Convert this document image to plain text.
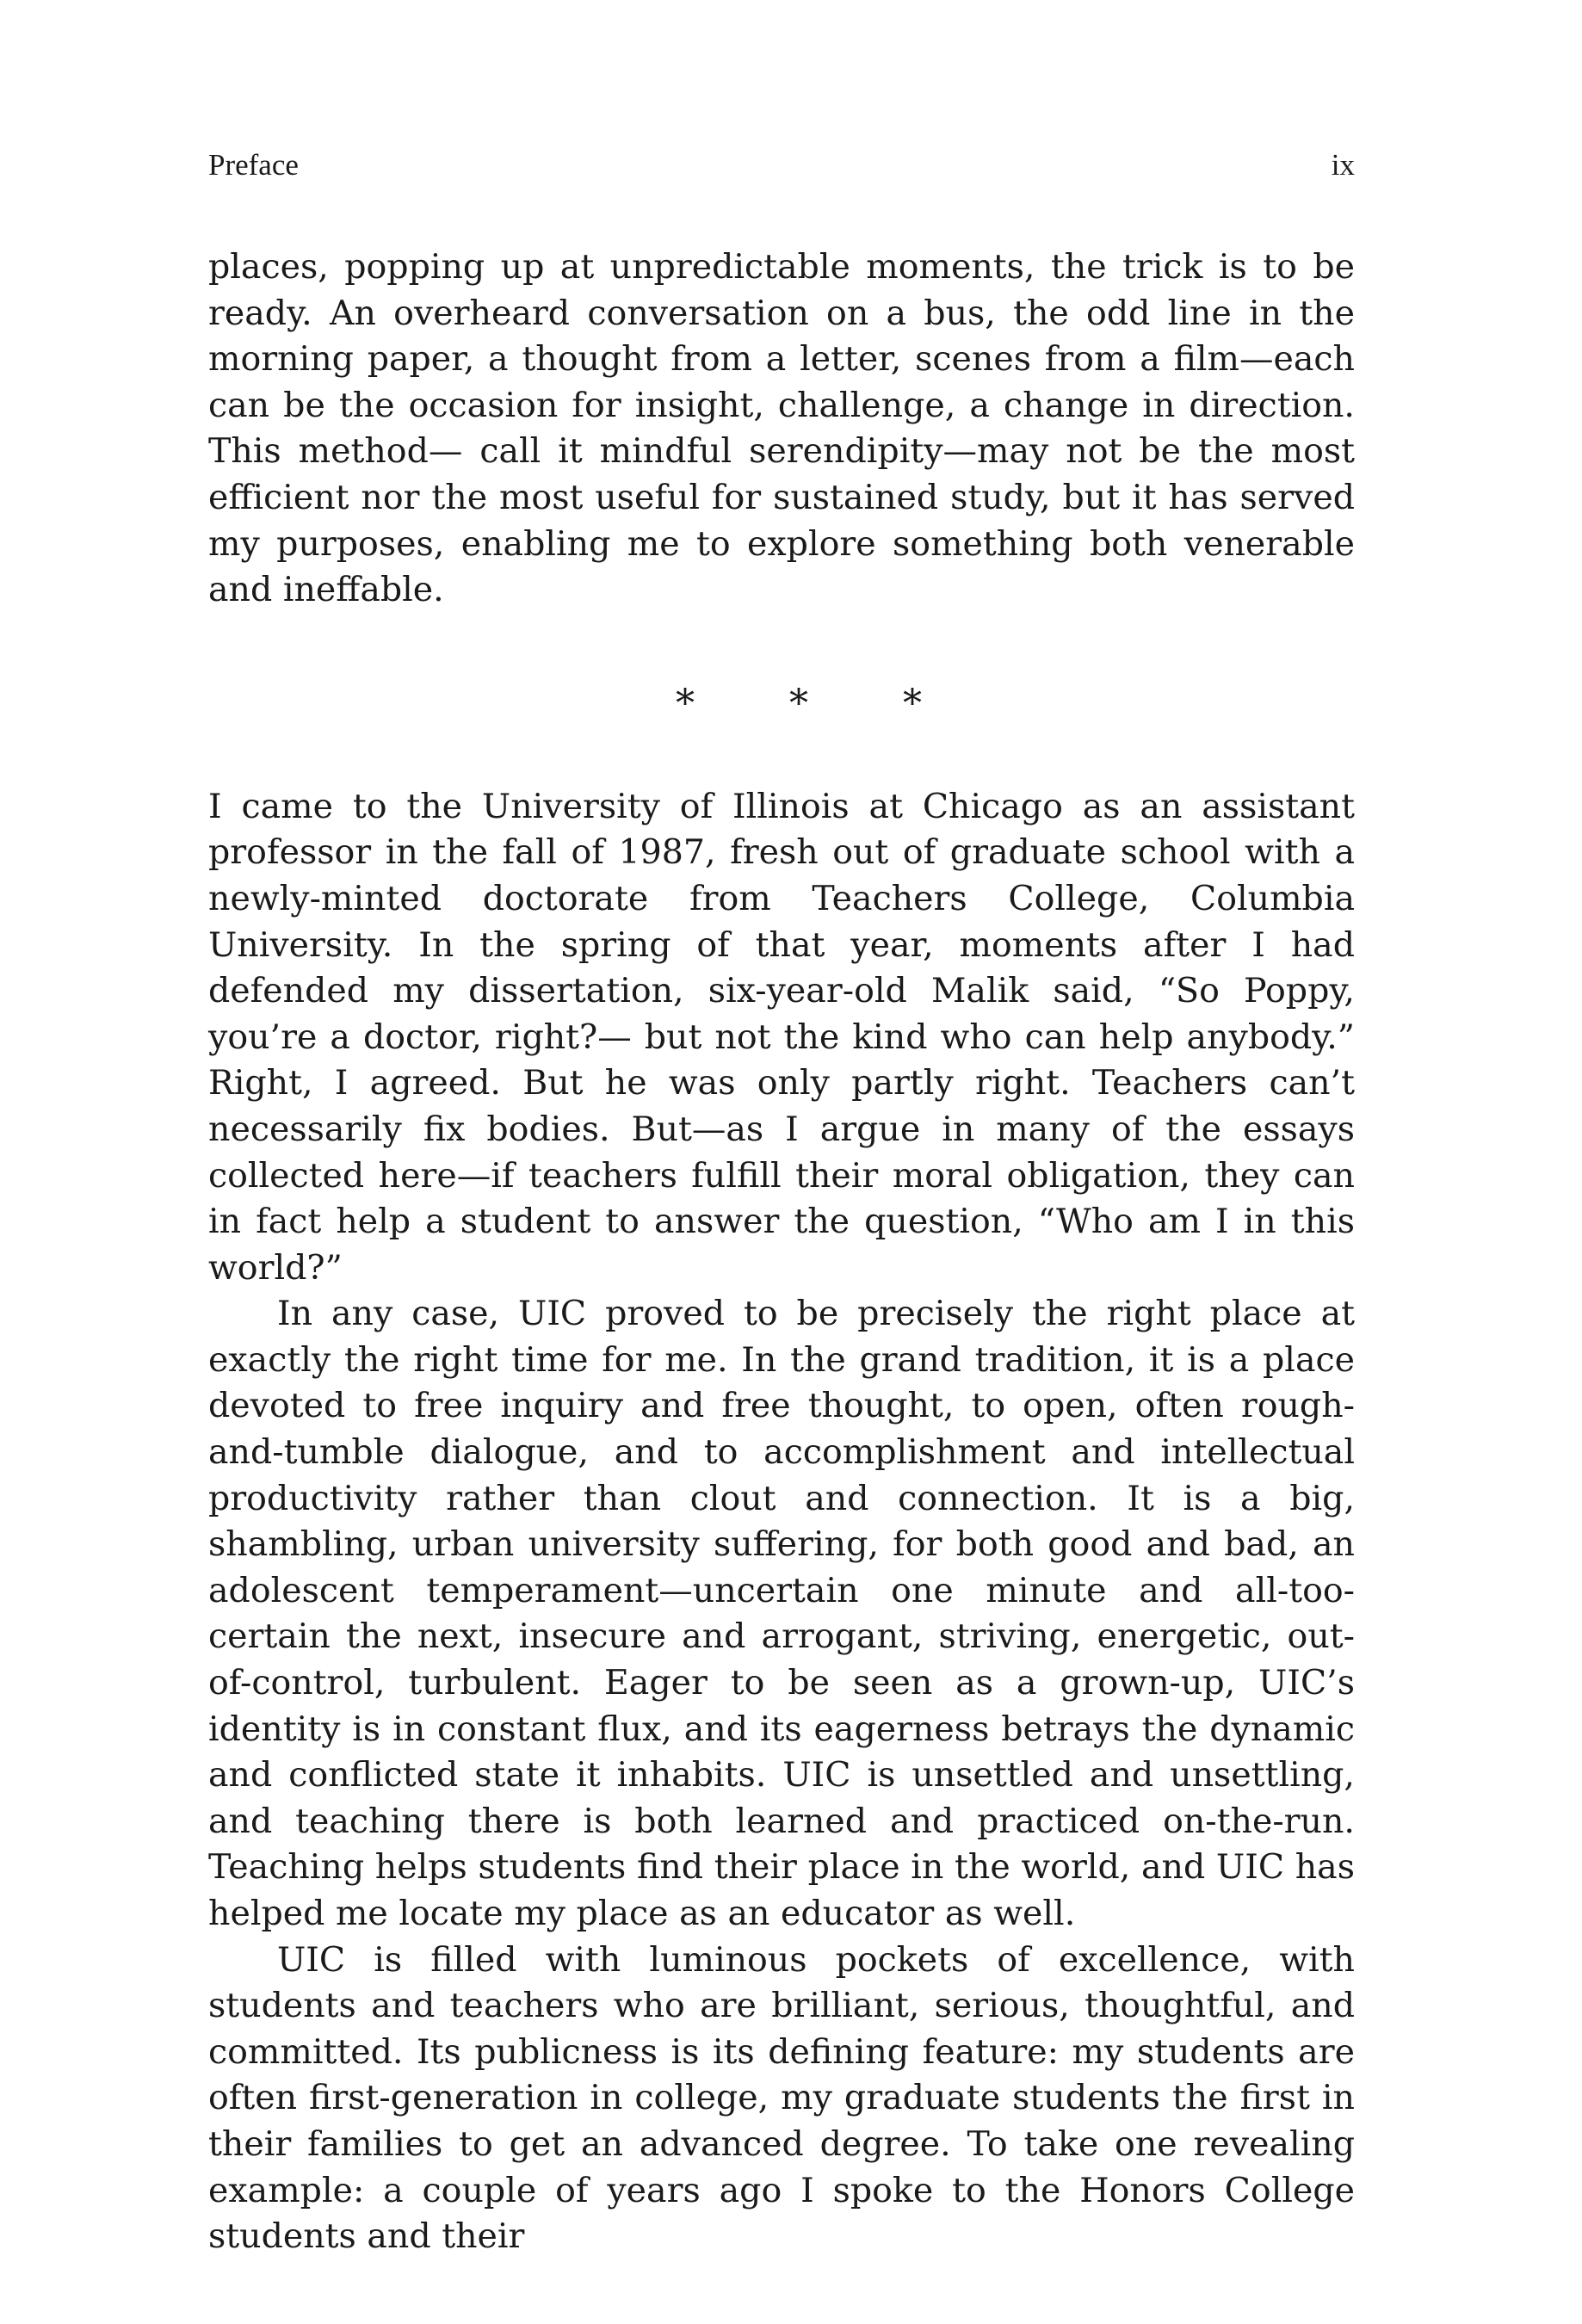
Preface	ix

places, popping up at unpredictable moments, the trick is to be ready. An overheard conversation on a bus, the odd line in the morning paper, a thought from a letter, scenes from a film—each can be the occasion for insight, challenge, a change in direction. This method— call it mindful serendipity—may not be the most efficient nor the most useful for sustained study, but it has served my purposes, enabling me to explore something both venerable and ineffable.

*	*	*

I came to the University of Illinois at Chicago as an assistant professor in the fall of 1987, fresh out of graduate school with a newly-minted doctorate from Teachers College, Columbia University. In the spring of that year, moments after I had defended my dissertation, six-year-old Malik said, “So Poppy, you’re a doctor, right?— but not the kind who can help anybody.” Right, I agreed. But he was only partly right. Teachers can’t necessarily fix bodies. But—as I argue in many of the essays collected here—if teachers fulfill their moral obligation, they can in fact help a student to answer the question, “Who am I in this world?”

In any case, UIC proved to be precisely the right place at exactly the right time for me. In the grand tradition, it is a place devoted to free inquiry and free thought, to open, often rough-and-tumble dialogue, and to accomplishment and intellectual productivity rather than clout and connection. It is a big, shambling, urban university suffering, for both good and bad, an adolescent temperament—uncertain one minute and all-too-certain the next, insecure and arrogant, striving, energetic, out-of-control, turbulent. Eager to be seen as a grown-up, UIC’s identity is in constant flux, and its eagerness betrays the dynamic and conflicted state it inhabits. UIC is unsettled and unsettling, and teaching there is both learned and practiced on-the-run. Teaching helps students find their place in the world, and UIC has helped me locate my place as an educator as well.

UIC is filled with luminous pockets of excellence, with students and teachers who are brilliant, serious, thoughtful, and committed. Its publicness is its defining feature: my students are often first-generation in college, my graduate students the first in their families to get an advanced degree. To take one revealing example: a couple of years ago I spoke to the Honors College students and their
